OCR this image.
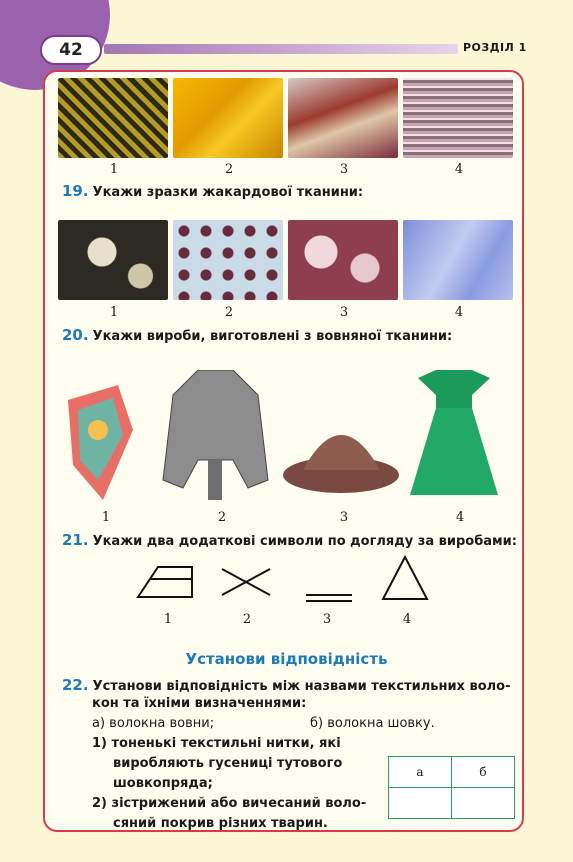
42	РОЗДІЛ 1
1	2	3	4
19. Укажи зразки жакардової тканини:
1	2	3	4
20. Укажи вироби, виготовлені з вовняної тканини:
1	2	3	4
21. Укажи два додаткові символи по догляду за виробами:
1	2	3	4
Установи відповідність
22. Установи відповідність між назвами текстильних воло-
кон та їхніми визначеннями:
а) волокна вовни;	б) волокна шовку.
1) тоненькі текстильні нитки, які
виробляють гусениці тутового
шовкопряда;
2) зістрижений або вичесаний воло-
сяний покрив різних тварин.
а	б
